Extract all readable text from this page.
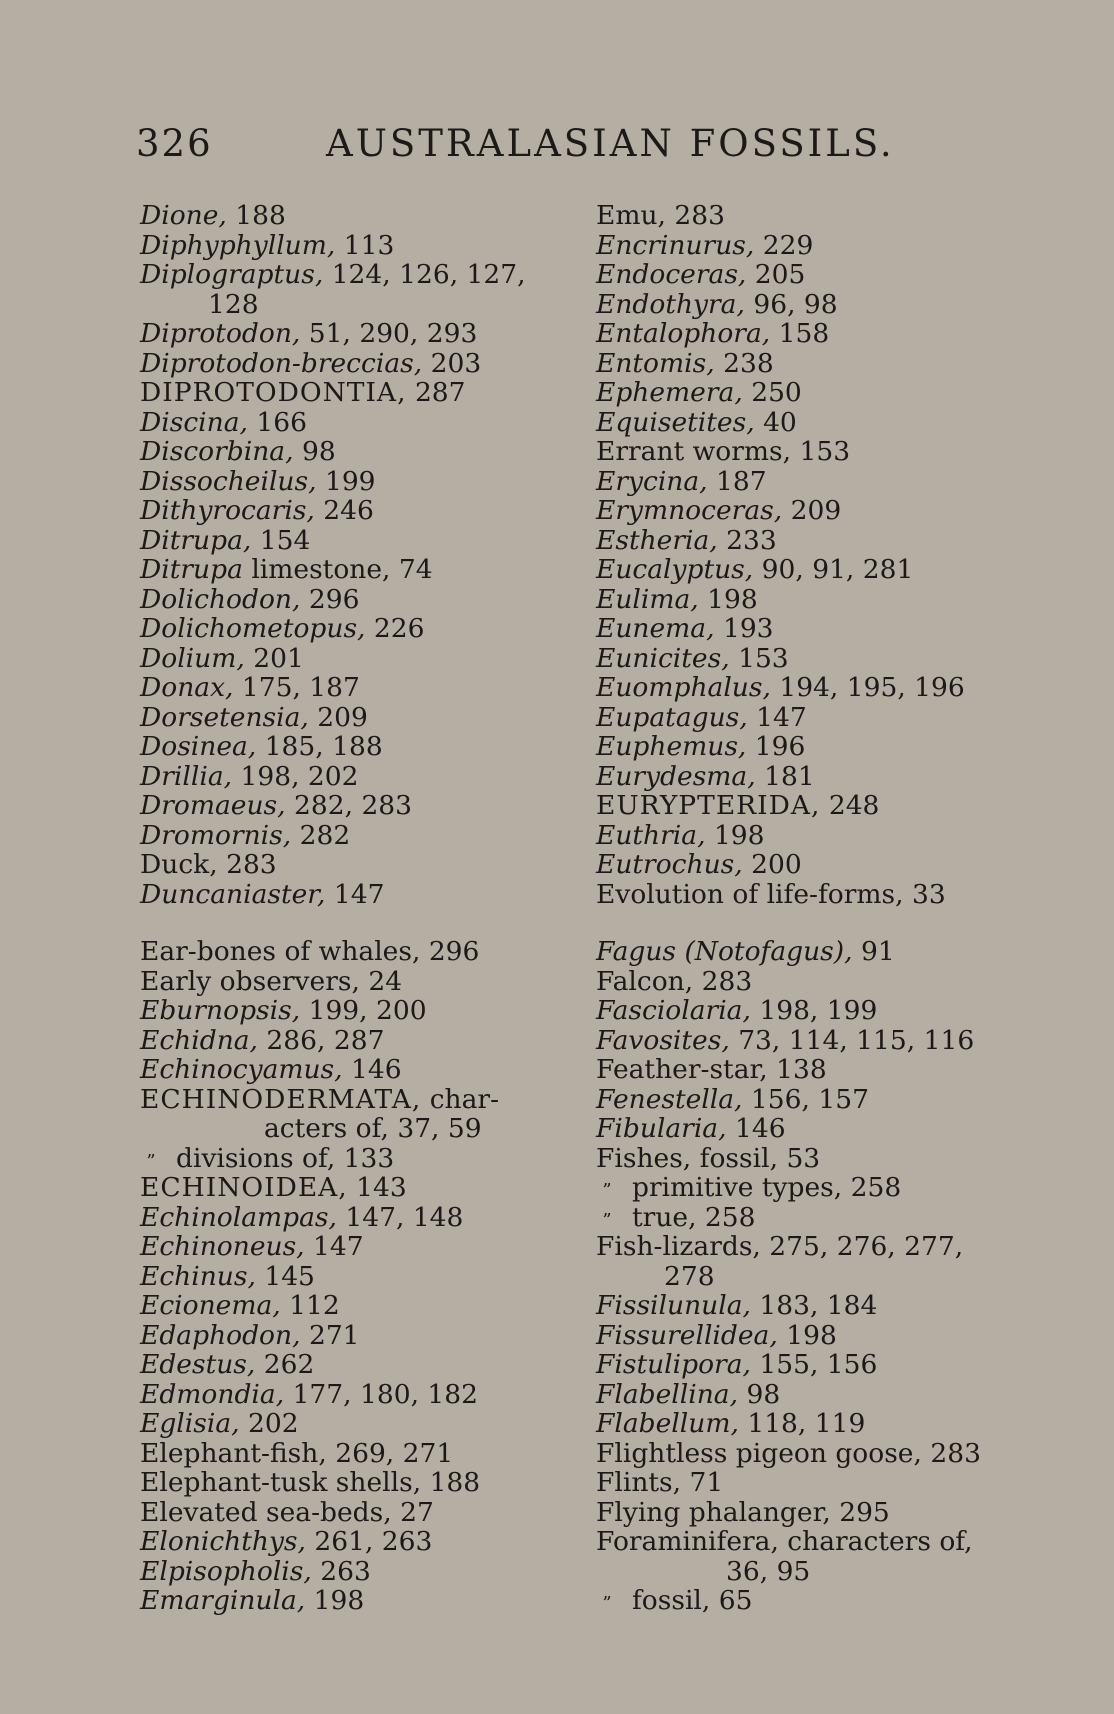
326	AUSTRALASIAN FOSSILS.
Dione, 188
Diphyphyllum, 113
Diplograptus, 124, 126, 127,
128
Diprotodon, 51, 290, 293
Diprotodon-breccias, 203
DIPROTODONTIA, 287
Discina, 166
Discorbina, 98
Dissocheilus, 199
Dithyrocaris, 246
Ditrupa, 154
Ditrupa limestone, 74
Dolichodon, 296
Dolichometopus, 226
Dolium, 201
Donax, 175, 187
Dorsetensia, 209
Dosinea, 185, 188
Drillia, 198, 202
Dromaeus, 282, 283
Dromornis, 282
Duck, 283
Duncaniaster, 147
Ear-bones of whales, 296
Early observers, 24
Eburnopsis, 199, 200
Echidna, 286, 287
Echinocyamus, 146
ECHINODERMATA, char-
acters of, 37, 59
” divisions of, 133
ECHINOIDEA, 143
Echinolampas, 147, 148
Echinoneus, 147
Echinus, 145
Ecionema, 112
Edaphodon, 271
Edestus, 262
Edmondia, 177, 180, 182
Eglisia, 202
Elephant-fish, 269, 271
Elephant-tusk shells, 188
Elevated sea-beds, 27
Elonichthys, 261, 263
Elpisopholis, 263
Emarginula, 198
Emu, 283
Encrinurus, 229
Endoceras, 205
Endothyra, 96, 98
Entalophora, 158
Entomis, 238
Ephemera, 250
Equisetites, 40
Errant worms, 153
Erycina, 187
Erymnoceras, 209
Estheria, 233
Eucalyptus, 90, 91, 281
Eulima, 198
Eunema, 193
Eunicites, 153
Euomphalus, 194, 195, 196
Eupatagus, 147
Euphemus, 196
Eurydesma, 181
EURYPTERIDA, 248
Euthria, 198
Eutrochus, 200
Evolution of life-forms, 33
Fagus (Notofagus), 91
Falcon, 283
Fasciolaria, 198, 199
Favosites, 73, 114, 115, 116
Feather-star, 138
Fenestella, 156, 157
Fibularia, 146
Fishes, fossil, 53
” primitive types, 258
” true, 258
Fish-lizards, 275, 276, 277,
278
Fissilunula, 183, 184
Fissurellidea, 198
Fistulipora, 155, 156
Flabellina, 98
Flabellum, 118, 119
Flightless pigeon goose, 283
Flints, 71
Flying phalanger, 295
Foraminifera, characters of,
36, 95
” fossil, 65
